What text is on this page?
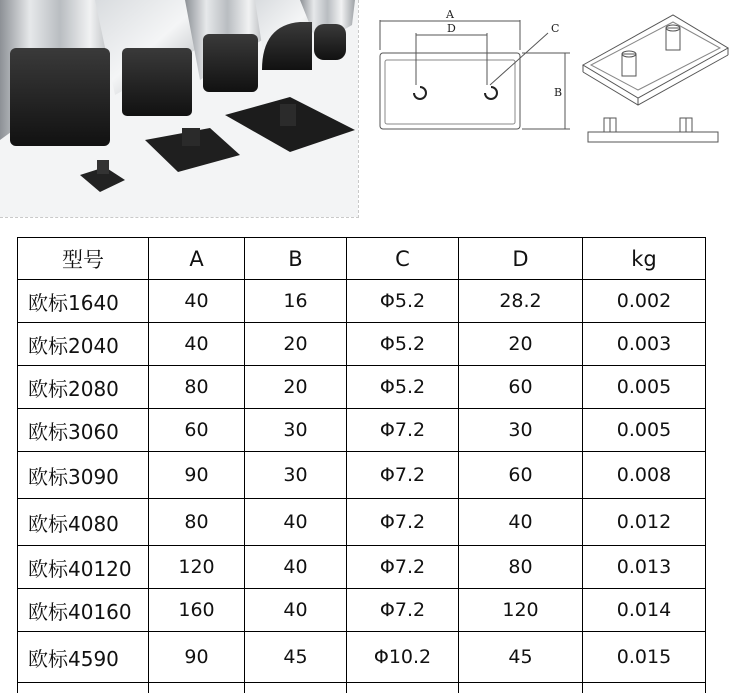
A
D	C
B
型号	A	B	C	D	kg
欧标1640	40	16	Φ5.2	28.2	0.002
欧标2040	40	20	Φ5.2	20	0.003
欧标2080	80	20	Φ5.2	60	0.005
欧标3060	60	30	Φ7.2	30	0.005
欧标3090	90	30	Φ7.2	60	0.008
欧标4080	80	40	Φ7.2	40	0.012
欧标40120	120	40	Φ7.2	80	0.013
欧标40160	160	40	Φ7.2	120	0.014
欧标4590	90	45	Φ10.2	45	0.015
